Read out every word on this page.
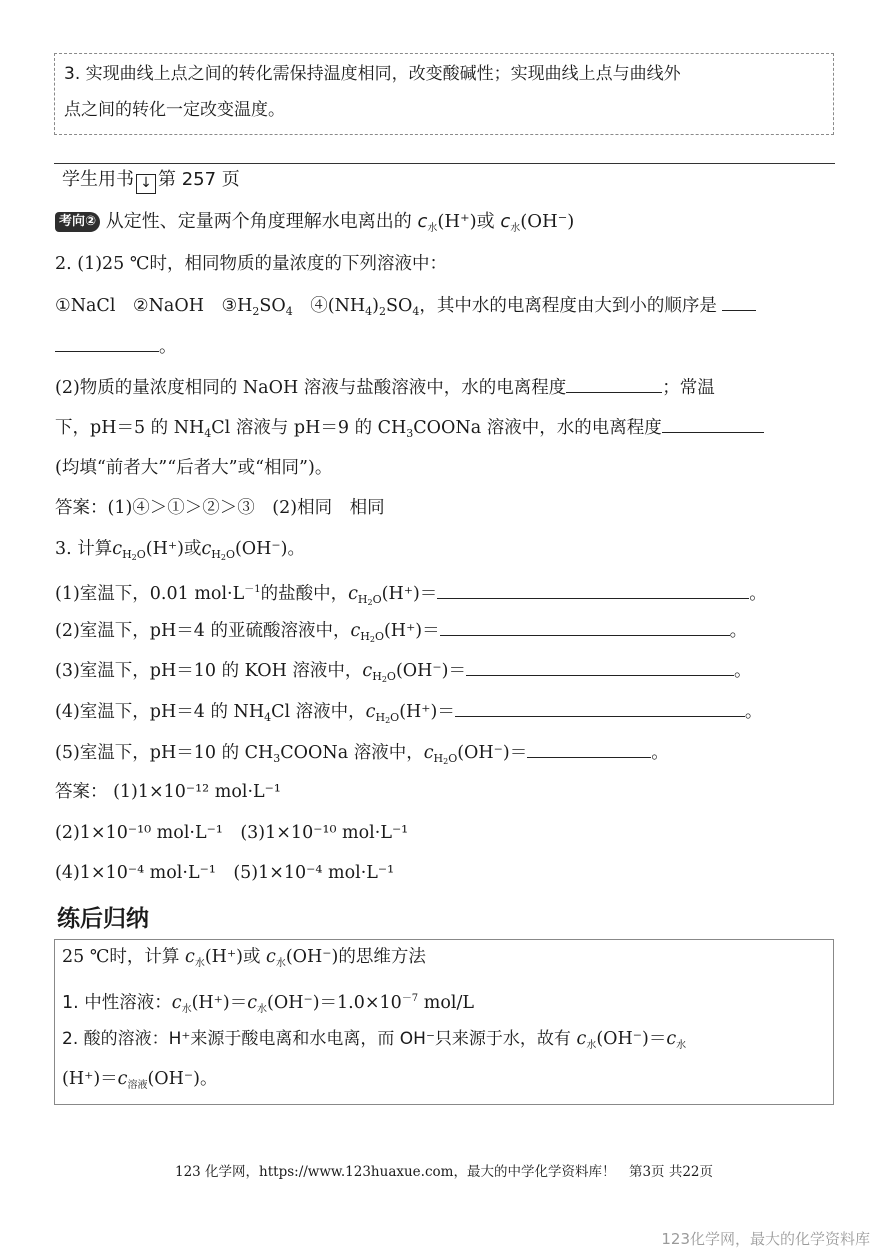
3. 实现曲线上点之间的转化需保持温度相同，改变酸碱性；实现曲线上点与曲线外
点之间的转化一定改变温度。
学生用书 ↓ 第 257 页
考向② 从定性、定量两个角度理解水电离出的 $c_水(H^+)$或 $c_水(OH^-)$
2. (1)25 ℃时，相同物质的量浓度的下列溶液中：
①NaCl　②NaOH　$③H_2SO_4$　$④(NH_4)_2SO_4$，其中水的电离程度由大到小的顺序是
。
(2)物质的量浓度相同的 NaOH 溶液与盐酸溶液中，水的电离程度	；常温
下，pH＝5 的 $NH_4Cl$ 溶液与 pH＝9 的 $CH_3COONa$ 溶液中，水的电离程度
(均填“前者大”“后者大”或“相同”)。
答案：(1)④＞①＞②＞③　(2)相同　相同
3. 计算$c_{H_2O}(H^+)$或$c_{H_2O}(OH^-)$。
(1)室温下，0.01 $mol\cdot L^{-1}$的盐酸中，$c_{H_2O}(H^+)=$	。
(2)室温下，pH＝4 的亚硫酸溶液中，$c_{H_2O}(H^+)=$	。
(3)室温下，pH＝10 的 KOH 溶液中，$c_{H_2O}(OH^-)=$	。
(4)室温下，pH＝4 的 $NH_4Cl$ 溶液中，$c_{H_2O}(H^+)=$	。
(5)室温下，pH＝10 的 $CH_3COONa$ 溶液中，$c_{H_2O}(OH^-)=$	。
答案： (1)1×10⁻¹² mol·L⁻¹
(2)1×10⁻¹⁰ mol·L⁻¹　(3)1×10⁻¹⁰ mol·L⁻¹
(4)1×10⁻⁴ mol·L⁻¹　(5)1×10⁻⁴ mol·L⁻¹
练后归纳
25 ℃时，计算 $c_水(H^+)$或 $c_水(OH^-)$的思维方法
1. 中性溶液：$c_水(H^+)=c_水(OH^-)=1.0\times 10^{-7}$ mol/L
2. 酸的溶液：H⁺来源于酸电离和水电离，而 OH⁻只来源于水，故有 $c_水(OH^-)=c_水$
$(H^+)=c_{溶液}(OH^-)$。
123 化学网，https://www.123huaxue.com，最大的中学化学资料库！　第3页 共22页
123化学网，最大的化学资料库
